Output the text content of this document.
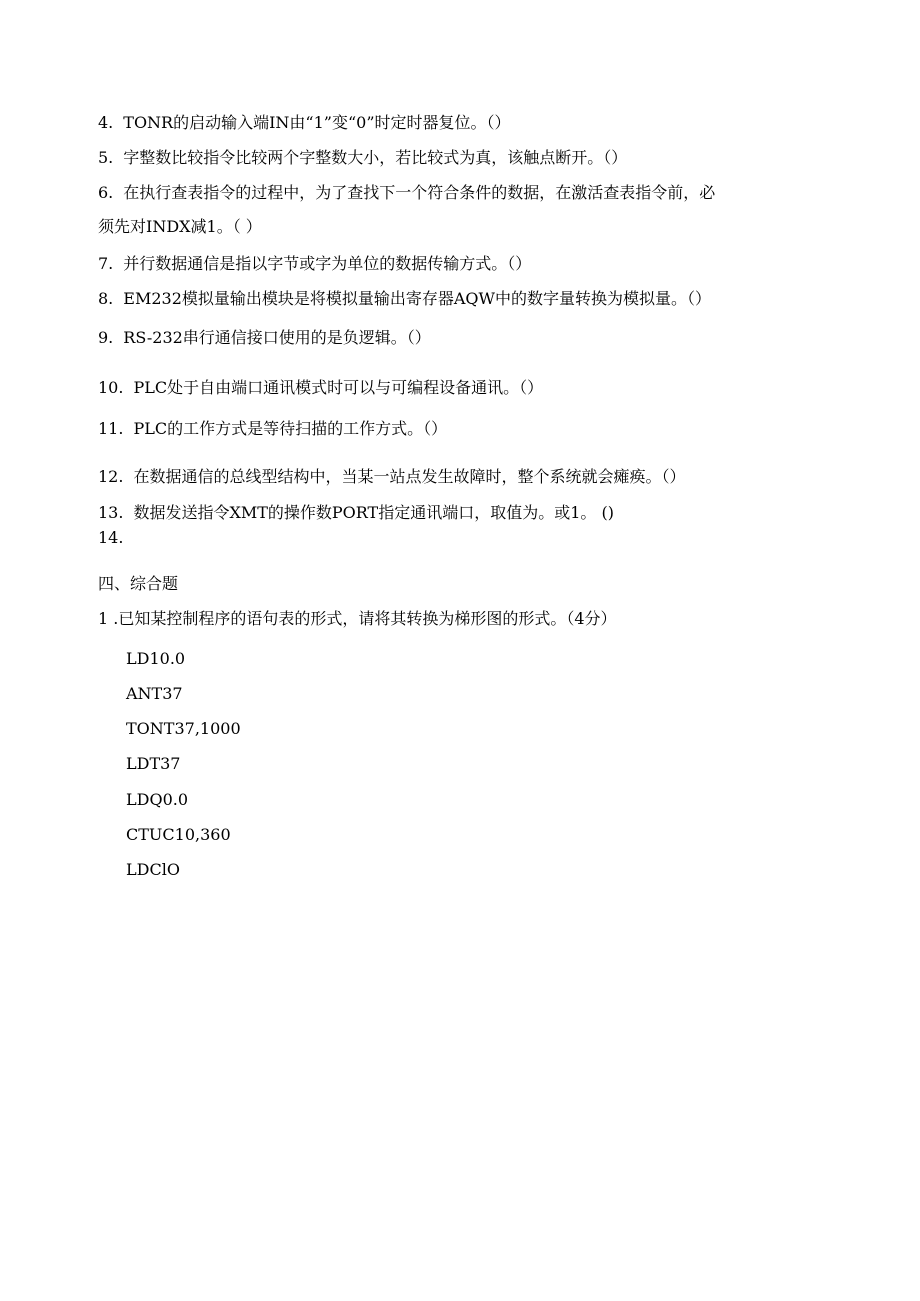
4. TONR的启动输入端IN由“1”变“0”时定时器复位。（）
5. 字整数比较指令比较两个字整数大小，若比较式为真，该触点断开。（）
6. 在执行查表指令的过程中，为了查找下一个符合条件的数据，在激活查表指令前，必
须先对INDX减1。（ ）
7. 并行数据通信是指以字节或字为单位的数据传输方式。（）
8. EM232模拟量输出模块是将模拟量输出寄存器AQW中的数字量转换为模拟量。（）
9. RS-232串行通信接口使用的是负逻辑。（）
10. PLC处于自由端口通讯模式时可以与可编程设备通讯。（）
11. PLC的工作方式是等待扫描的工作方式。（）
12. 在数据通信的总线型结构中，当某一站点发生故障时，整个系统就会瘫痪。（）
13. 数据发送指令XMT的操作数PORT指定通讯端口，取值为。或1。 ()
14.
四、综合题
1 .已知某控制程序的语句表的形式，请将其转换为梯形图的形式。（4分）
LD10.0
ANT37
TONT37,1000
LDT37
LDQ0.0
CTUC10,360
LDClO
